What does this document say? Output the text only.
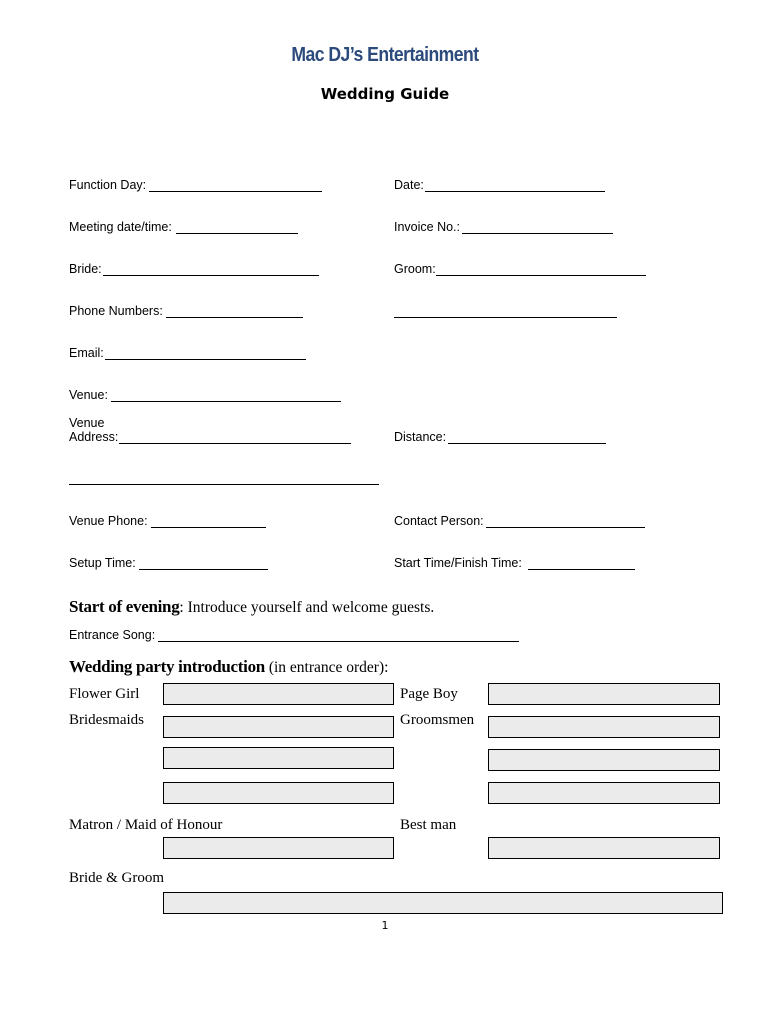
Mac DJ’s Entertainment
Wedding Guide
Function Day:	Date:
Meeting date/time:	Invoice No.:
Bride:	Groom:
Phone Numbers:
Email:
Venue:
Venue
Address:	Distance:
Venue Phone:	Contact Person:
Setup Time:	Start Time/Finish Time:
Start of evening: Introduce yourself and welcome guests.
Entrance Song:
Wedding party introduction (in entrance order):
Flower Girl	Page Boy
Bridesmaids	Groomsmen
Matron / Maid of Honour	Best man
Bride & Groom
1
